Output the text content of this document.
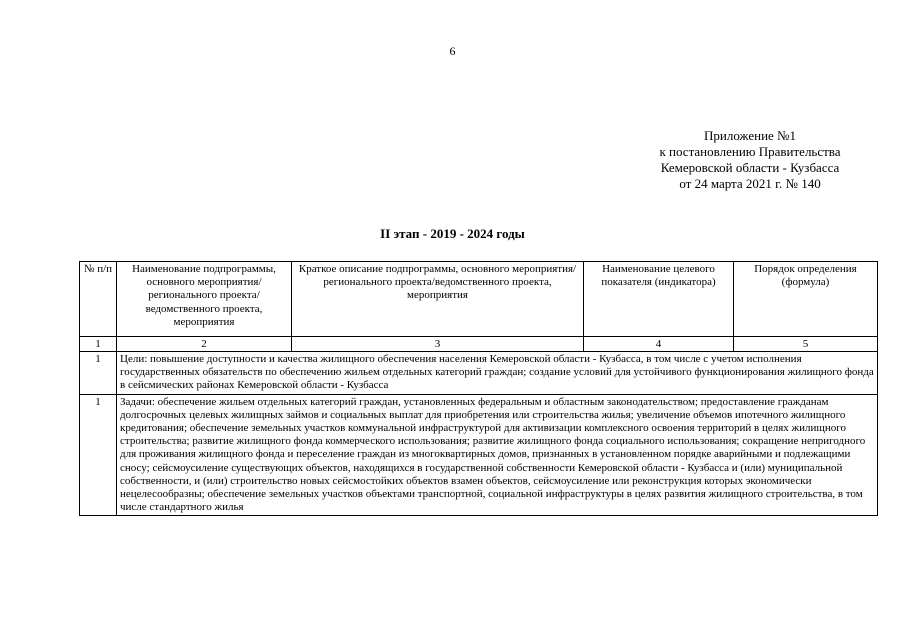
6
Приложение №1
к постановлению Правительства
Кемеровской области - Кузбасса
от 24 марта 2021 г. № 140
II этап - 2019 - 2024 годы
№ п/п	Наименование подпрограммы, основного мероприятия/регионального проекта/ведомственного проекта, мероприятия	Краткое описание подпрограммы, основного мероприятия/регионального проекта/ведомственного проекта, мероприятия	Наименование целевого показателя (индикатора)	Порядок определения (формула)
1	2	3	4	5
1	Цели: повышение доступности и качества жилищного обеспечения населения Кемеровской области - Кузбасса, в том числе с учетом исполнения государственных обязательств по обеспечению жильем отдельных категорий граждан; создание условий для устойчивого функционирования жилищного фонда в сейсмических районах Кемеровской области - Кузбасса			
1	Задачи: обеспечение жильем отдельных категорий граждан, установленных федеральным и областным законодательством; предоставление гражданам долгосрочных целевых жилищных займов и социальных выплат для приобретения или строительства жилья; увеличение объемов ипотечного жилищного кредитования; обеспечение земельных участков коммунальной инфраструктурой для активизации комплексного освоения территорий в целях жилищного строительства; развитие жилищного фонда коммерческого использования; развитие жилищного фонда социального использования; сокращение непригодного для проживания жилищного фонда и переселение граждан из многоквартирных домов, признанных в установленном порядке аварийными и подлежащими сносу; сейсмоусиление существующих объектов, находящихся в государственной собственности Кемеровской области - Кузбасса и (или) муниципальной собственности, и (или) строительство новых сейсмостойких объектов взамен объектов, сейсмоусиление или реконструкция которых экономически нецелесообразны; обеспечение земельных участков объектами транспортной, социальной инфраструктуры в целях развития жилищного строительства, в том числе стандартного жилья			
